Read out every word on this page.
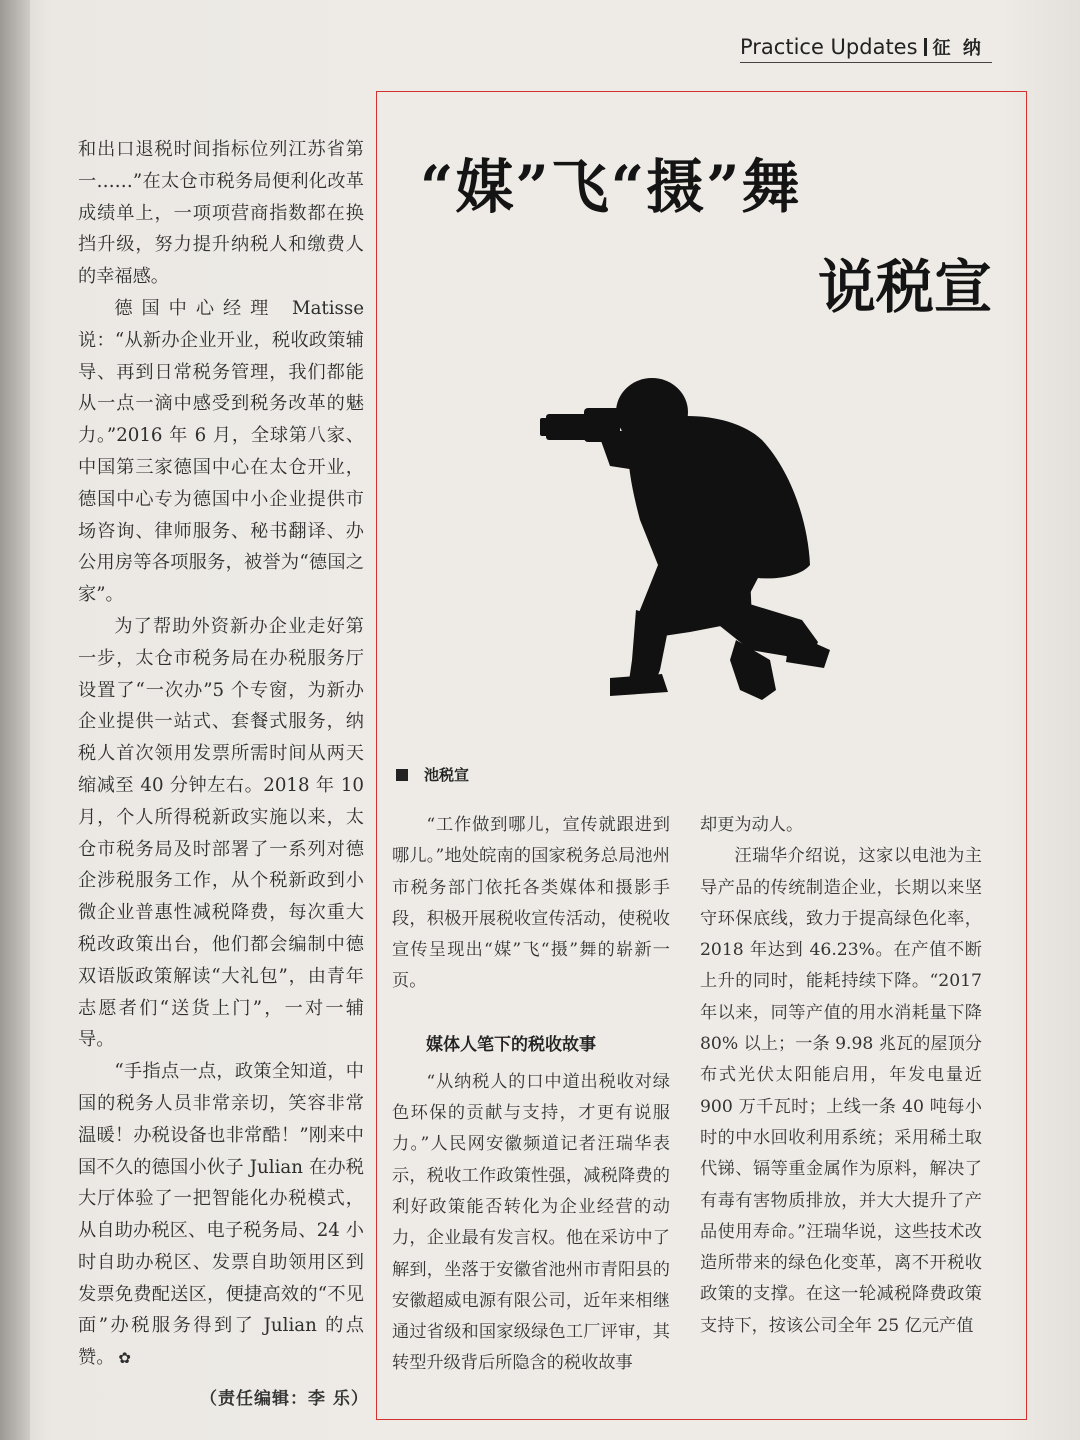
Practice Updates 征 纳

和出口退税时间指标位列江苏省第一……”在太仓市税务局便利化改革成绩单上，一项项营商指数都在换挡升级，努力提升纳税人和缴费人的幸福感。

德国中心经理 Matisse 说：“从新办企业开业，税收政策辅导、再到日常税务管理，我们都能从一点一滴中感受到税务改革的魅力。”2016 年 6 月，全球第八家、中国第三家德国中心在太仓开业，德国中心专为德国中小企业提供市场咨询、律师服务、秘书翻译、办公用房等各项服务，被誉为“德国之家”。

为了帮助外资新办企业走好第一步，太仓市税务局在办税服务厅设置了“一次办”5 个专窗，为新办企业提供一站式、套餐式服务，纳税人首次领用发票所需时间从两天缩减至 40 分钟左右。2018 年 10 月，个人所得税新政实施以来，太仓市税务局及时部署了一系列对德企涉税服务工作，从个税新政到小微企业普惠性减税降费，每次重大税改政策出台，他们都会编制中德双语版政策解读“大礼包”，由青年志愿者们“送货上门”，一对一辅导。

“手指点一点，政策全知道，中国的税务人员非常亲切，笑容非常温暖！办税设备也非常酷！”刚来中国不久的德国小伙子 Julian 在办税大厅体验了一把智能化办税模式，从自助办税区、电子税务局、24 小时自助办税区、发票自助领用区到发票免费配送区，便捷高效的“不见面”办税服务得到了 Julian 的点赞。 ✿

（责任编辑：李 乐）
“媒”飞“摄”舞
说税宣
池税宣

“工作做到哪儿，宣传就跟进到哪儿。”地处皖南的国家税务总局池州市税务部门依托各类媒体和摄影手段，积极开展税收宣传活动，使税收宣传呈现出“媒”飞“摄”舞的崭新一页。

媒体人笔下的税收故事

“从纳税人的口中道出税收对绿色环保的贡献与支持，才更有说服力。”人民网安徽频道记者汪瑞华表示，税收工作政策性强，减税降费的利好政策能否转化为企业经营的动力，企业最有发言权。他在采访中了解到，坐落于安徽省池州市青阳县的安徽超威电源有限公司，近年来相继通过省级和国家级绿色工厂评审，其转型升级背后所隐含的税收故事

却更为动人。

汪瑞华介绍说，这家以电池为主导产品的传统制造企业，长期以来坚守环保底线，致力于提高绿色化率，2018 年达到 46.23%。在产值不断上升的同时，能耗持续下降。“2017 年以来，同等产值的用水消耗量下降 80% 以上；一条 9.98 兆瓦的屋顶分布式光伏太阳能启用，年发电量近 900 万千瓦时；上线一条 40 吨每小时的中水回收利用系统；采用稀土取代锑、镉等重金属作为原料，解决了有毒有害物质排放，并大大提升了产品使用寿命。”汪瑞华说，这些技术改造所带来的绿色化变革，离不开税收政策的支撑。在这一轮减税降费政策支持下，按该公司全年 25 亿元产值
